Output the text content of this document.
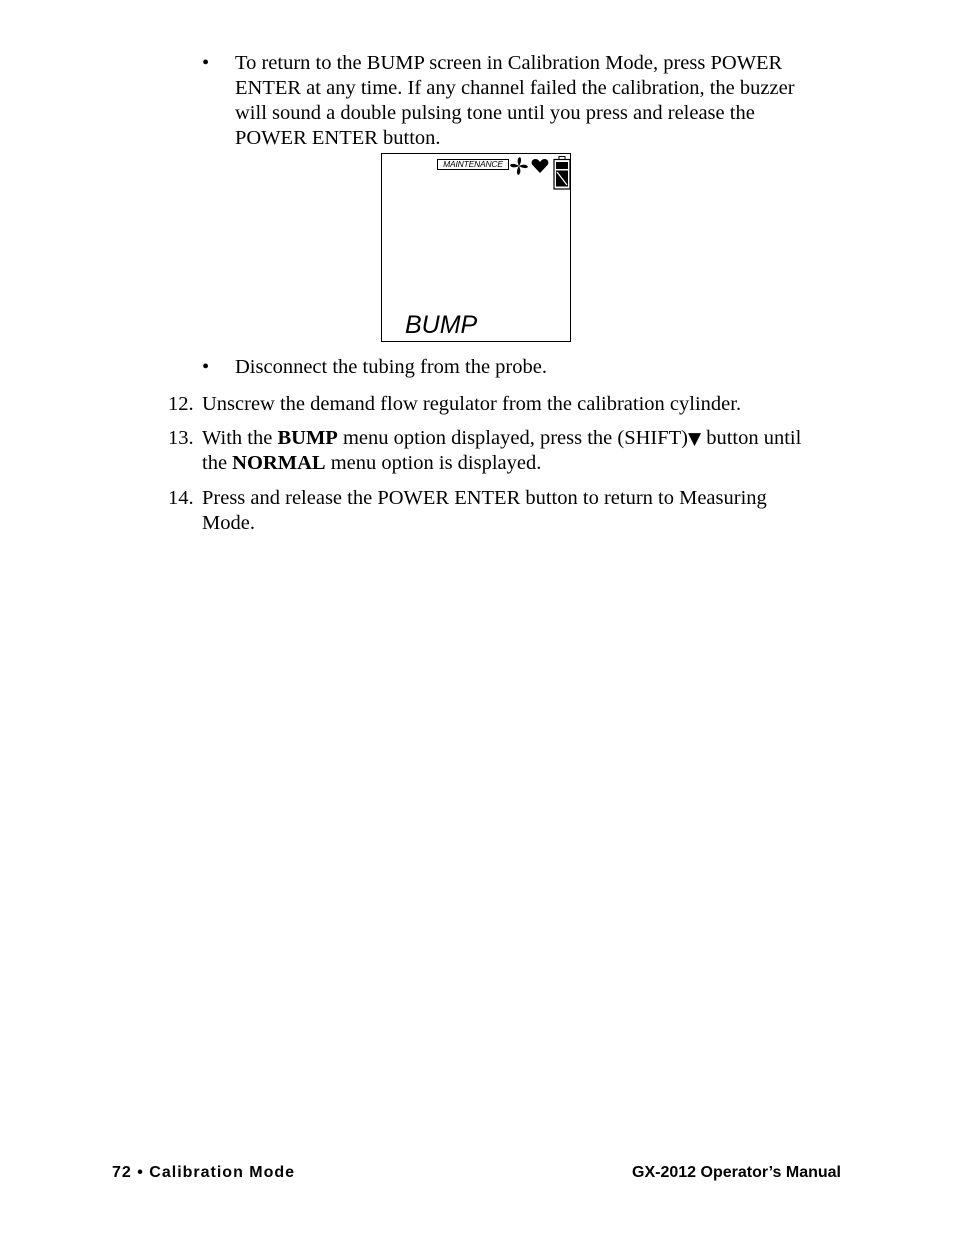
• To return to the BUMP screen in Calibration Mode, press POWER
ENTER at any time. If any channel failed the calibration, the buzzer
will sound a double pulsing tone until you press and release the
POWER ENTER button.
MAINTENANCE
BUMP
• Disconnect the tubing from the probe.
12. Unscrew the demand flow regulator from the calibration cylinder.
13. With the BUMP menu option displayed, press the (SHIFT)▼ button until
the NORMAL menu option is displayed.
14. Press and release the POWER ENTER button to return to Measuring
Mode.
72 • Calibration Mode	GX-2012 Operator’s Manual
